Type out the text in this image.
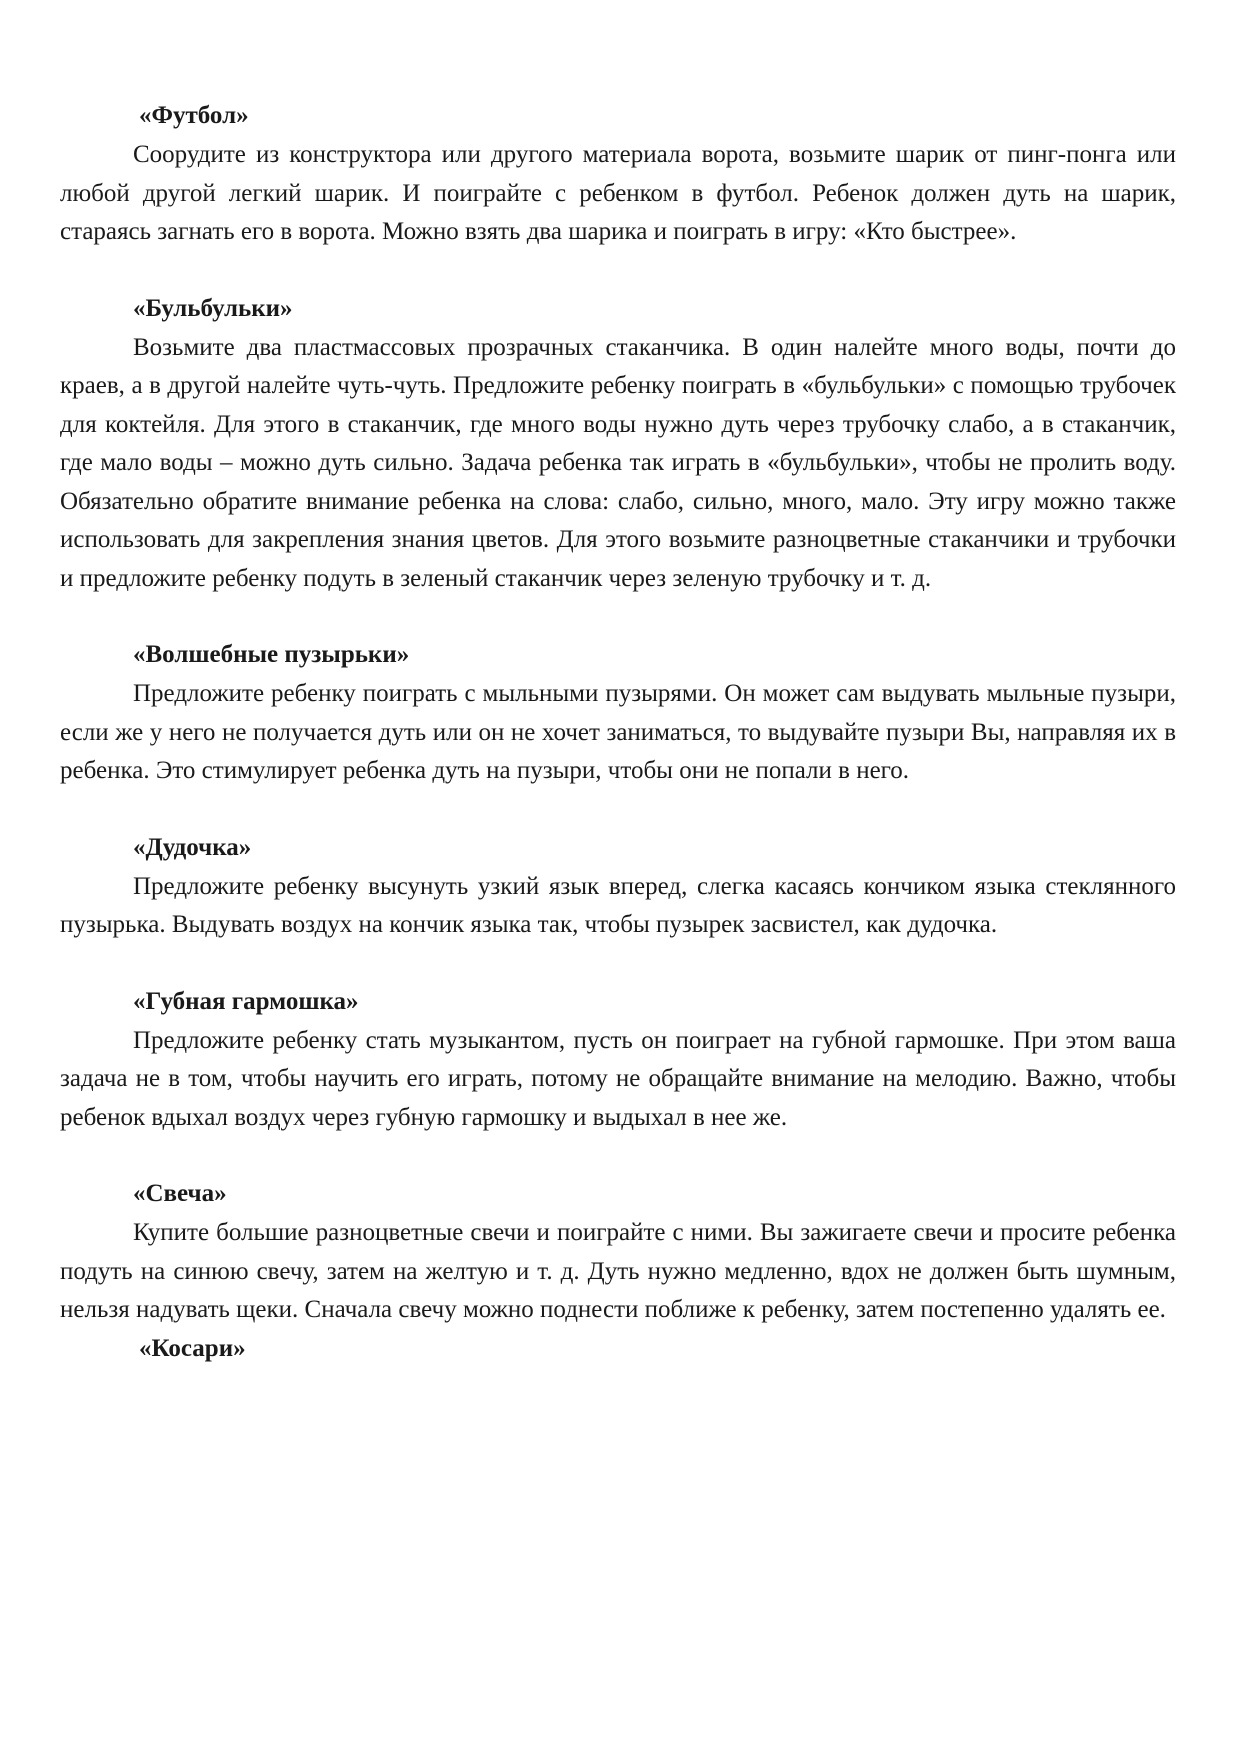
«Футбол»

Соорудите из конструктора или другого материала ворота, возьмите шарик от пинг-понга или любой другой легкий шарик. И поиграйте с ребенком в футбол. Ребенок должен дуть на шарик, стараясь загнать его в ворота. Можно взять два шарика и поиграть в игру: «Кто быстрее».

«Бульбульки»

Возьмите два пластмассовых прозрачных стаканчика. В один налейте много воды, почти до краев, а в другой налейте чуть-чуть. Предложите ребенку поиграть в «бульбульки» с помощью трубочек для коктейля. Для этого в стаканчик, где много воды нужно дуть через трубочку слабо, а в стаканчик, где мало воды – можно дуть сильно. Задача ребенка так играть в «бульбульки», чтобы не пролить воду. Обязательно обратите внимание ребенка на слова: слабо, сильно, много, мало. Эту игру можно также использовать для закрепления знания цветов. Для этого возьмите разноцветные стаканчики и трубочки и предложите ребенку подуть в зеленый стаканчик через зеленую трубочку и т. д.

«Волшебные пузырьки»

Предложите ребенку поиграть с мыльными пузырями. Он может сам выдувать мыльные пузыри, если же у него не получается дуть или он не хочет заниматься, то выдувайте пузыри Вы, направляя их в ребенка. Это стимулирует ребенка дуть на пузыри, чтобы они не попали в него.

«Дудочка»

Предложите ребенку высунуть узкий язык вперед, слегка касаясь кончиком языка стеклянного пузырька. Выдувать воздух на кончик языка так, чтобы пузырек засвистел, как дудочка.

«Губная гармошка»

Предложите ребенку стать музыкантом, пусть он поиграет на губной гармошке. При этом ваша задача не в том, чтобы научить его играть, потому не обращайте внимание на мелодию. Важно, чтобы ребенок вдыхал воздух через губную гармошку и выдыхал в нее же.

«Свеча»

Купите большие разноцветные свечи и поиграйте с ними. Вы зажигаете свечи и просите ребенка подуть на синюю свечу, затем на желтую и т. д. Дуть нужно медленно, вдох не должен быть шумным, нельзя надувать щеки. Сначала свечу можно поднести поближе к ребенку, затем постепенно удалять ее.

«Косари»
